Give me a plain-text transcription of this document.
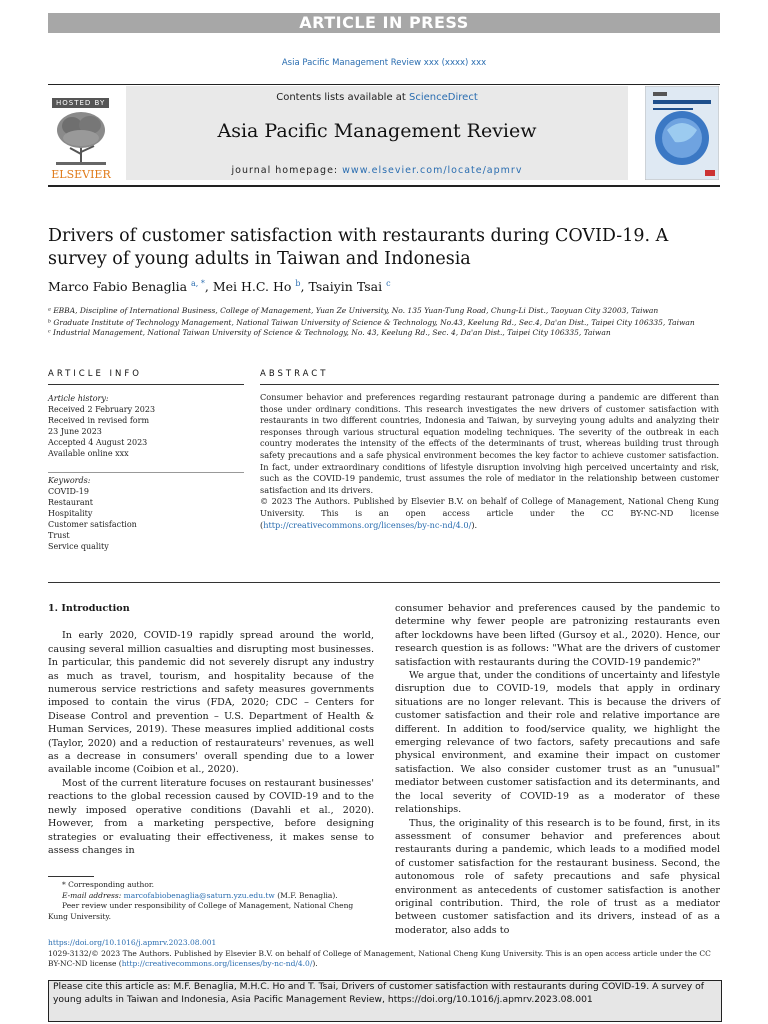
ARTICLE IN PRESS
Asia Pacific Management Review xxx (xxxx) xxx
HOSTED BY
ELSEVIER
Contents lists available at ScienceDirect
Asia Pacific Management Review
journal homepage: www.elsevier.com/locate/apmrv
Drivers of customer satisfaction with restaurants during COVID-19. A survey of young adults in Taiwan and Indonesia
Marco Fabio Benaglia $^{a, *}$, Mei H.C. Ho $^b$, Tsaiyin Tsai $^c$
ᵃ EBBA, Discipline of International Business, College of Management, Yuan Ze University, No. 135 Yuan-Tung Road, Chung-Li Dist., Taoyuan City 32003, Taiwan
ᵇ Graduate Institute of Technology Management, National Taiwan University of Science & Technology, No.43, Keelung Rd., Sec.4, Da'an Dist., Taipei City 106335, Taiwan
ᶜ Industrial Management, National Taiwan University of Science & Technology, No. 43, Keelung Rd., Sec. 4, Da'an Dist., Taipei City 106335, Taiwan
ARTICLE INFO	ABSTRACT
Article history:
Received 2 February 2023
Received in revised form
23 June 2023
Accepted 4 August 2023
Available online xxx
Keywords:
COVID-19
Restaurant
Hospitality
Customer satisfaction
Trust
Service quality

Consumer behavior and preferences regarding restaurant patronage during a pandemic are different than those under ordinary conditions. This research investigates the new drivers of customer satisfaction with restaurants in two different countries, Indonesia and Taiwan, by surveying young adults and analyzing their responses through various structural equation modeling techniques. The severity of the outbreak in each country moderates the intensity of the effects of the determinants of trust, whereas building trust through safety precautions and a safe physical environment becomes the key factor to achieve customer satisfaction. In fact, under extraordinary conditions of lifestyle disruption involving high perceived uncertainty and risk, such as the COVID-19 pandemic, trust assumes the role of mediator in the relationship between customer satisfaction and its drivers.

© 2023 The Authors. Published by Elsevier B.V. on behalf of College of Management, National Cheng Kung University. This is an open access article under the CC BY-NC-ND license (http://creativecommons.org/licenses/by-nc-nd/4.0/).

1. Introduction

In early 2020, COVID-19 rapidly spread around the world, causing several million casualties and disrupting most businesses. In particular, this pandemic did not severely disrupt any industry as much as travel, tourism, and hospitality because of the numerous service restrictions and safety measures governments imposed to contain the virus (FDA, 2020; CDC – Centers for Disease Control and prevention – U.S. Department of Health & Human Services, 2019). These measures implied additional costs (Taylor, 2020) and a reduction of restaurateurs' revenues, as well as a decrease in consumers' overall spending due to a lower available income (Coibion et al., 2020).

Most of the current literature focuses on restaurant businesses' reactions to the global recession caused by COVID-19 and to the newly imposed operative conditions (Davahli et al., 2020). However, from a marketing perspective, before designing strategies or evaluating their effectiveness, it makes sense to assess changes in

consumer behavior and preferences caused by the pandemic to determine why fewer people are patronizing restaurants even after lockdowns have been lifted (Gursoy et al., 2020). Hence, our research question is as follows: "What are the drivers of customer satisfaction with restaurants during the COVID-19 pandemic?"

We argue that, under the conditions of uncertainty and lifestyle disruption due to COVID-19, models that apply in ordinary situations are no longer relevant. This is because the drivers of customer satisfaction and their role and relative importance are different. In addition to food/service quality, we highlight the emerging relevance of two factors, safety precautions and safe physical environment, and examine their impact on customer satisfaction. We also consider customer trust as an "unusual" mediator between customer satisfaction and its determinants, and the local severity of COVID-19 as a moderator of these relationships.

Thus, the originality of this research is to be found, first, in its assessment of consumer behavior and preferences about restaurants during a pandemic, which leads to a modified model of customer satisfaction for the restaurant business. Second, the autonomous role of safety precautions and safe physical environment as antecedents of customer satisfaction is another original contribution. Third, the role of trust as a mediator between customer satisfaction and its drivers, instead of as a moderator, also adds to

* Corresponding author.

E-mail address: marcofabiobenaglia@saturn.yzu.edu.tw (M.F. Benaglia).

Peer review under responsibility of College of Management, National Cheng Kung University.

https://doi.org/10.1016/j.apmrv.2023.08.001

1029-3132/© 2023 The Authors. Published by Elsevier B.V. on behalf of College of Management, National Cheng Kung University. This is an open access article under the CC BY-NC-ND license (http://creativecommons.org/licenses/by-nc-nd/4.0/).

Please cite this article as: M.F. Benaglia, M.H.C. Ho and T. Tsai, Drivers of customer satisfaction with restaurants during COVID-19. A survey of young adults in Taiwan and Indonesia, Asia Pacific Management Review, https://doi.org/10.1016/j.apmrv.2023.08.001
